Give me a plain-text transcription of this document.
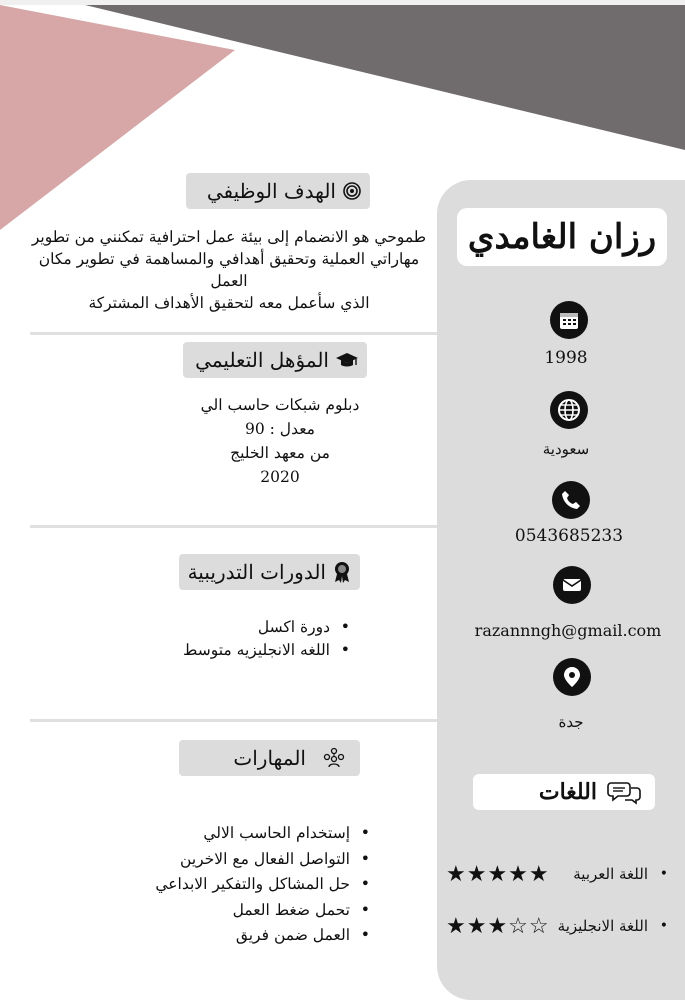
رزان الغامدي
1998
سعودية
0543685233
razannngh@gmail.com
جدة
اللغات
•
اللغة العربية
★★★★★
•
اللغة الانجليزية
★★★☆☆
الهدف الوظيفي
طموحي هو الانضمام إلى بيئة عمل احترافية تمكنني من تطوير
مهاراتي العملية وتحقيق أهدافي والمساهمة في تطوير مكان العمل
الذي سأعمل معه لتحقيق الأهداف المشتركة
المؤهل التعليمي
دبلوم شبكات حاسب الي
معدل : 90
من معهد الخليج
2020
الدورات التدريبية
• دورة اكسل
• اللغه الانجليزيه متوسط
المهارات
• إستخدام الحاسب الالي
• التواصل الفعال مع الاخرين
• حل المشاكل والتفكير الابداعي
• تحمل ضغط العمل
• العمل ضمن فريق
